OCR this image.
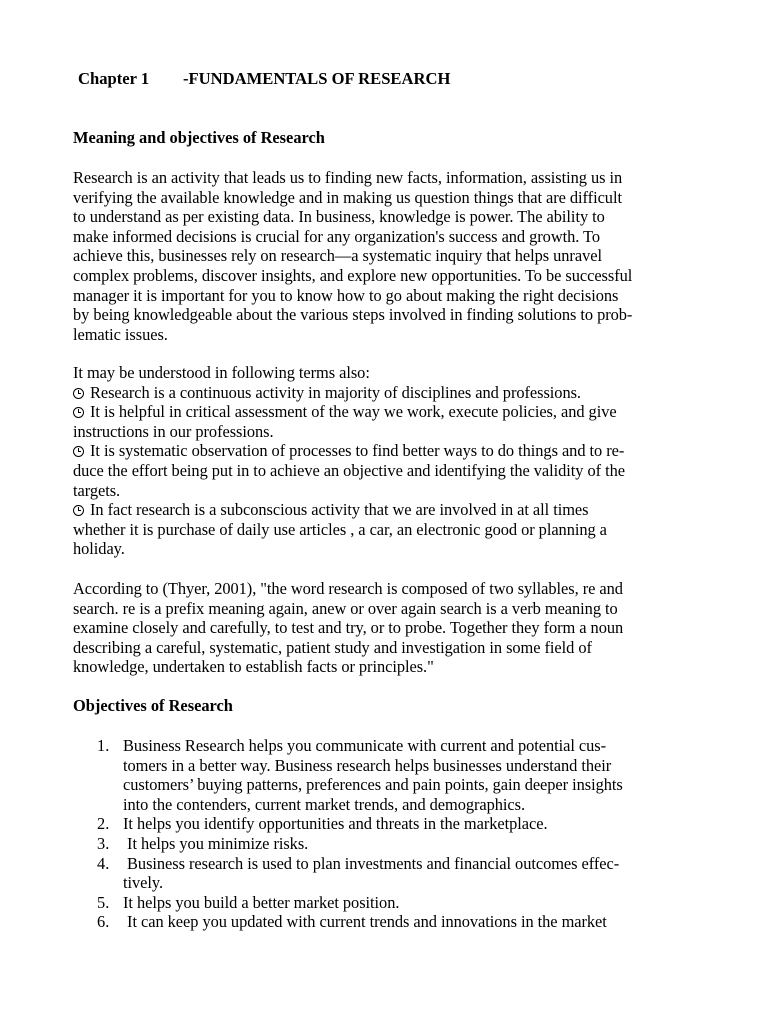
Chapter 1 -FUNDAMENTALS OF RESEARCH
Meaning and objectives of Research
Research is an activity that leads us to finding new facts, information, assisting us in
verifying the available knowledge and in making us question things that are difficult
to understand as per existing data. In business, knowledge is power. The ability to
make informed decisions is crucial for any organization's success and growth. To
achieve this, businesses rely on research—a systematic inquiry that helps unravel
complex problems, discover insights, and explore new opportunities. To be successful
manager it is important for you to know how to go about making the right decisions
by being knowledgeable about the various steps involved in finding solutions to prob-
lematic issues.
It may be understood in following terms also:
Research is a continuous activity in majority of disciplines and professions.
It is helpful in critical assessment of the way we work, execute policies, and give
instructions in our professions.
It is systematic observation of processes to find better ways to do things and to re-
duce the effort being put in to achieve an objective and identifying the validity of the
targets.
In fact research is a subconscious activity that we are involved in at all times
whether it is purchase of daily use articles , a car, an electronic good or planning a
holiday.
According to (Thyer, 2001), "the word research is composed of two syllables, re and
search. re is a prefix meaning again, anew or over again search is a verb meaning to
examine closely and carefully, to test and try, or to probe. Together they form a noun
describing a careful, systematic, patient study and investigation in some field of
knowledge, undertaken to establish facts or principles."
Objectives of Research
1. Business Research helps you communicate with current and potential cus-
tomers in a better way. Business research helps businesses understand their
customers’ buying patterns, preferences and pain points, gain deeper insights
into the contenders, current market trends, and demographics.
2. It helps you identify opportunities and threats in the marketplace.
3. It helps you minimize risks.
4. Business research is used to plan investments and financial outcomes effec-
tively.
5. It helps you build a better market position.
6. It can keep you updated with current trends and innovations in the market
